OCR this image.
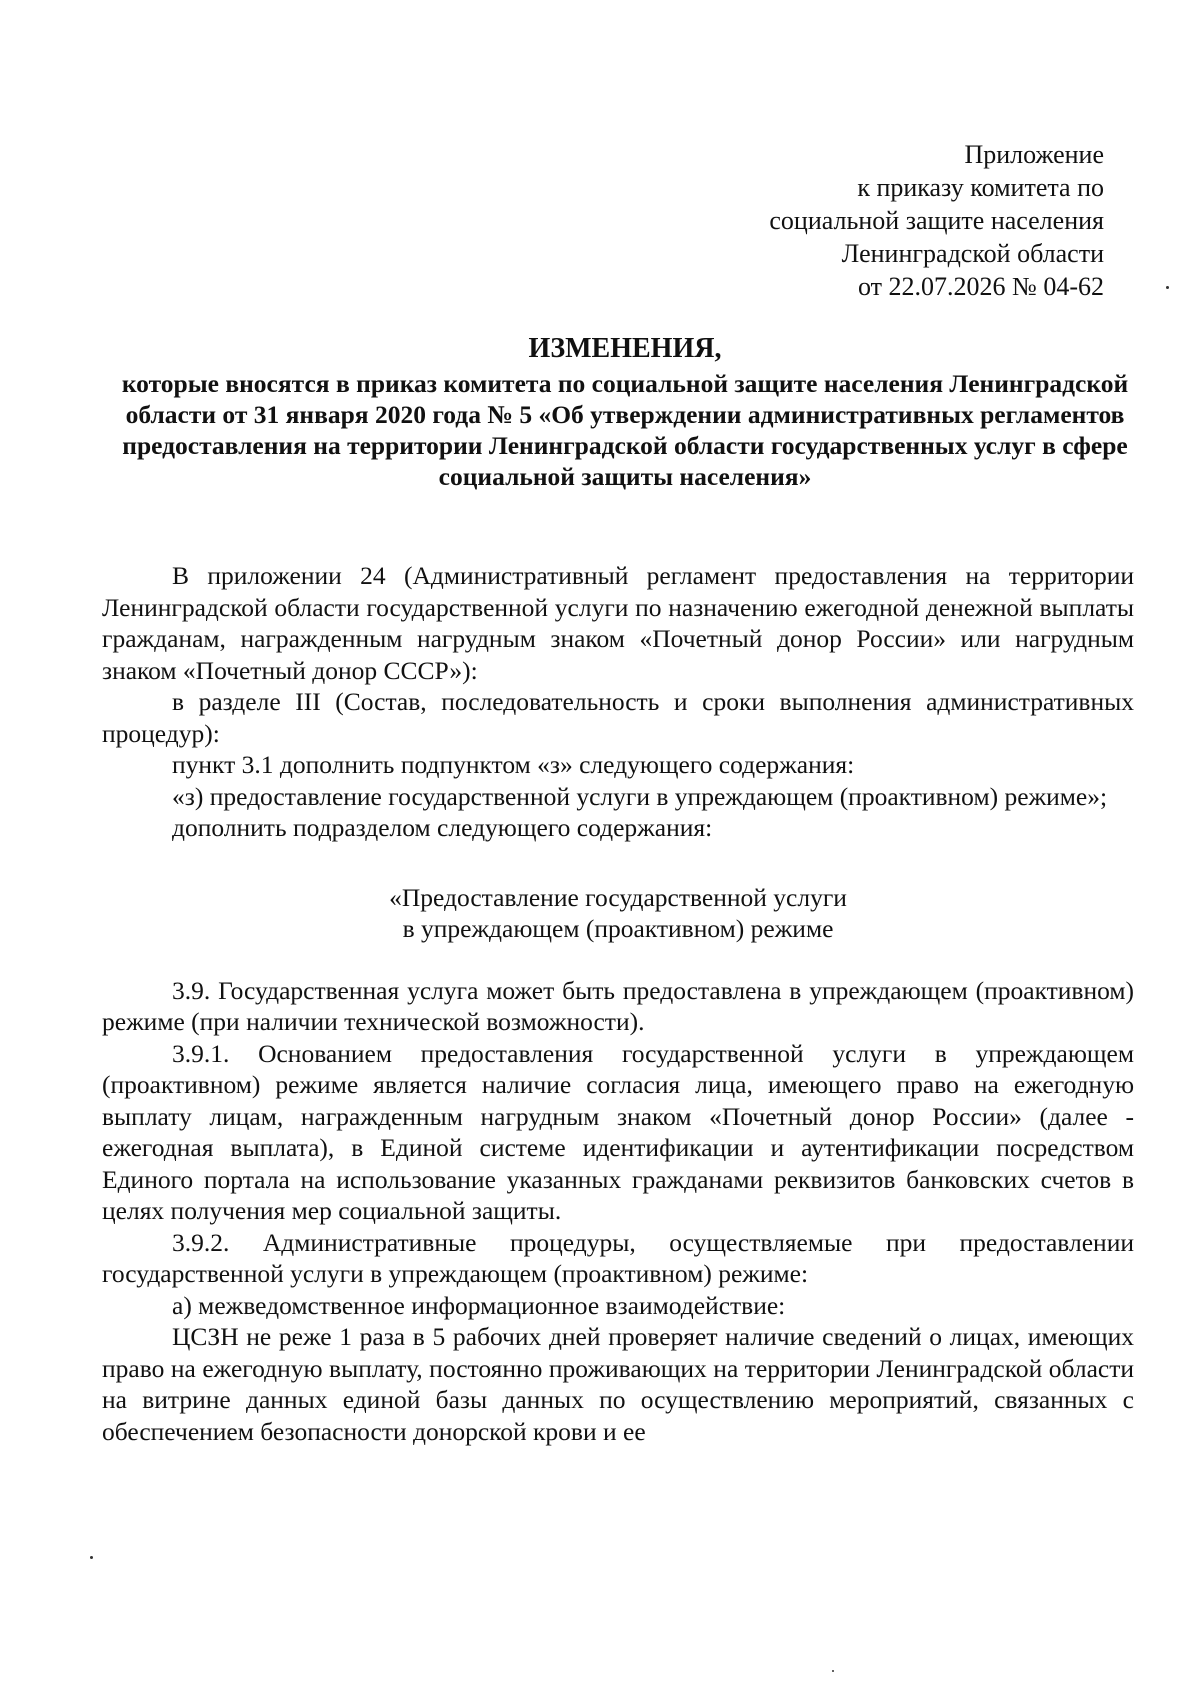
Приложение
к приказу комитета по
социальной защите населения
Ленинградской области
от 22.07.2026 № 04-62
ИЗМЕНЕНИЯ,
которые вносятся в приказ комитета по социальной защите населения Ленинградской области от 31 января 2020 года № 5 «Об утверждении административных регламентов предоставления на территории Ленинградской области государственных услуг в сфере социальной защиты населения»

В приложении 24 (Административный регламент предоставления на территории Ленинградской области государственной услуги по назначению ежегодной денежной выплаты гражданам, награжденным нагрудным знаком «Почетный донор России» или нагрудным знаком «Почетный донор СССР»):

в разделе III (Состав, последовательность и сроки выполнения административных процедур):

пункт 3.1 дополнить подпунктом «з» следующего содержания:

«з) предоставление государственной услуги в упреждающем (проактивном) режиме»;

дополнить подразделом следующего содержания:

«Предоставление государственной услуги

в упреждающем (проактивном) режиме

3.9. Государственная услуга может быть предоставлена в упреждающем (проактивном) режиме (при наличии технической возможности).

3.9.1. Основанием предоставления государственной услуги в упреждающем (проактивном) режиме является наличие согласия лица, имеющего право на ежегодную выплату лицам, награжденным нагрудным знаком «Почетный донор России» (далее - ежегодная выплата), в Единой системе идентификации и аутентификации посредством Единого портала на использование указанных гражданами реквизитов банковских счетов в целях получения мер социальной защиты.

3.9.2. Административные процедуры, осуществляемые при предоставлении государственной услуги в упреждающем (проактивном) режиме:

а) межведомственное информационное взаимодействие:

ЦСЗН не реже 1 раза в 5 рабочих дней проверяет наличие сведений о лицах, имеющих право на ежегодную выплату, постоянно проживающих на территории Ленинградской области на витрине данных единой базы данных по осуществлению мероприятий, связанных с обеспечением безопасности донорской крови и ее
